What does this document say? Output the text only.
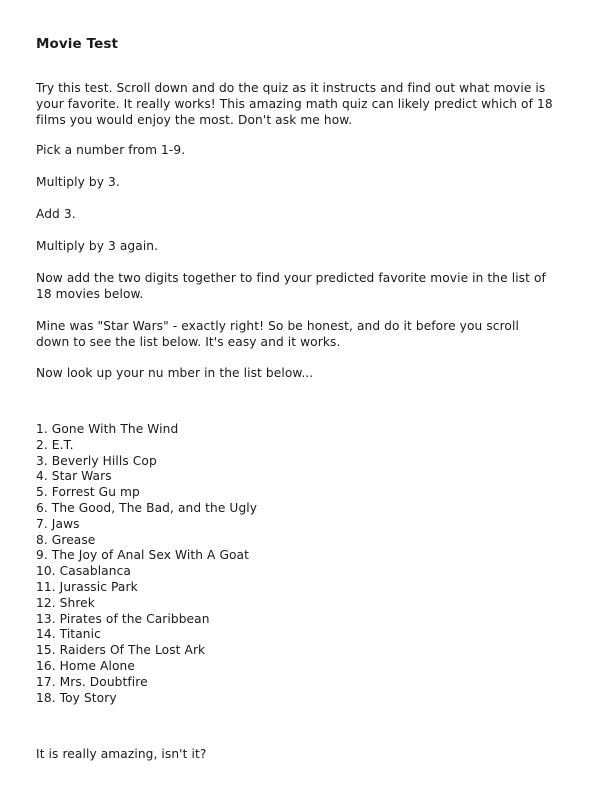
Movie Test

Try this test. Scroll down and do the quiz as it instructs and find out what movie is your favorite. It really works! This amazing math quiz can likely predict which of 18 films you would enjoy the most. Don't ask me how.

Pick a number from 1-9.

Multiply by 3.

Add 3.

Multiply by 3 again.

Now add the two digits together to find your predicted favorite movie in the list of 18 movies below.

Mine was "Star Wars" - exactly right! So be honest, and do it before you scroll down to see the list below. It's easy and it works.

Now look up your nu mber in the list below...

1. Gone With The Wind
2. E.T.
3. Beverly Hills Cop
4. Star Wars
5. Forrest Gu mp
6. The Good, The Bad, and the Ugly
7. Jaws
8. Grease
9. The Joy of Anal Sex With A Goat
10. Casablanca
11. Jurassic Park
12. Shrek
13. Pirates of the Caribbean
14. Titanic
15. Raiders Of The Lost Ark
16. Home Alone
17. Mrs. Doubtfire
18. Toy Story

It is really amazing, isn't it?
